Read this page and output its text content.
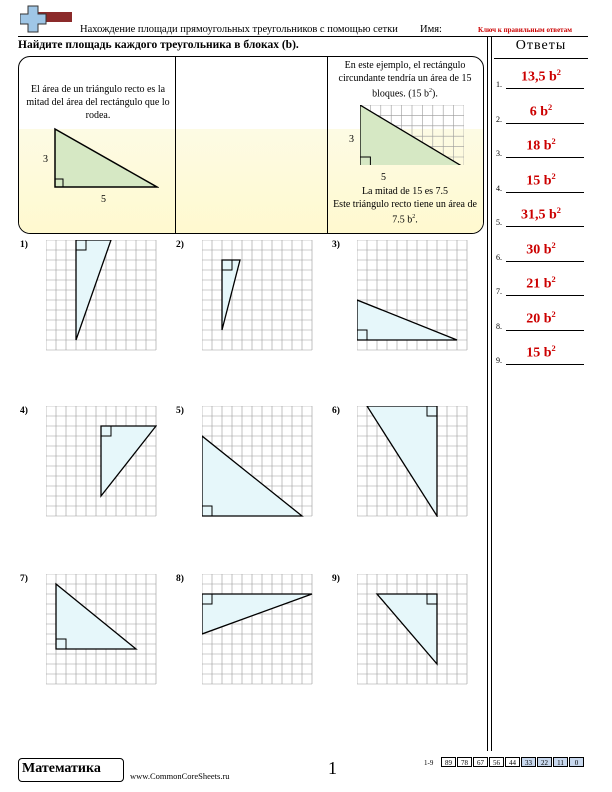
Нахождение площади прямоугольных треугольников с помощью сетки Имя:	Ключ к правильным ответам
Найдите площадь каждого треугольника в блоках (b).	Ответы
1.	13,5 $b^2$
2.	6 $b^2$
3.	18 $b^2$
4.	15 $b^2$
5.	31,5 $b^2$
6.	30 $b^2$
7.	21 $b^2$
8.	20 $b^2$
9.	15 $b^2$
El área de un triángulo recto es la mitad del área del rectángulo que lo rodea.
3
5
En este ejemplo, el rectángulo circundante tendría un área de 15 bloques. (15 $b^2$).
3
5
La mitad de 15 es 7.5
Este triángulo recto tiene un área de 7.5 $b^2$.
1)	2)	3)
4)	5)	6)
7)	8)	9)
Математика	www.CommonCoreSheets.ru	1	1-9	89	78	67	56	44	33	22	11	0
